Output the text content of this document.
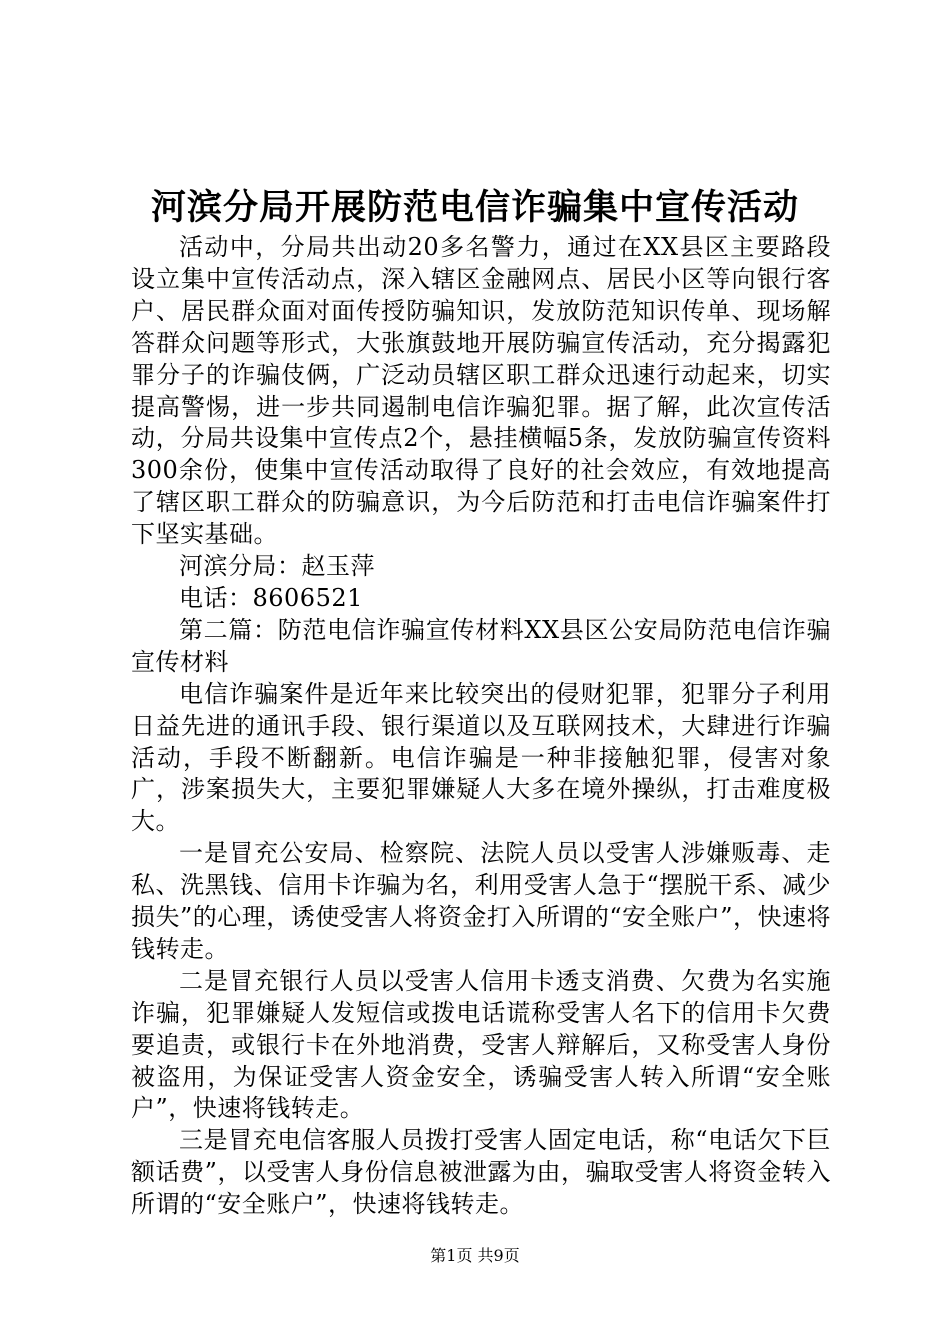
河滨分局开展防范电信诈骗集中宣传活动

活动中，分局共出动20多名警力，通过在XX县区主要路段设立集中宣传活动点，深入辖区金融网点、居民小区等向银行客户、居民群众面对面传授防骗知识，发放防范知识传单、现场解答群众问题等形式，大张旗鼓地开展防骗宣传活动，充分揭露犯罪分子的诈骗伎俩，广泛动员辖区职工群众迅速行动起来，切实提高警惕，进一步共同遏制电信诈骗犯罪。据了解，此次宣传活动，分局共设集中宣传点2个，悬挂横幅5条，发放防骗宣传资料300余份，使集中宣传活动取得了良好的社会效应，有效地提高了辖区职工群众的防骗意识，为今后防范和打击电信诈骗案件打下坚实基础。

河滨分局：赵玉萍

电话：8606521

第二篇：防范电信诈骗宣传材料XX县区公安局防范电信诈骗宣传材料

电信诈骗案件是近年来比较突出的侵财犯罪，犯罪分子利用日益先进的通讯手段、银行渠道以及互联网技术，大肆进行诈骗活动，手段不断翻新。电信诈骗是一种非接触犯罪，侵害对象广，涉案损失大，主要犯罪嫌疑人大多在境外操纵，打击难度极大。

一是冒充公安局、检察院、法院人员以受害人涉嫌贩毒、走私、洗黑钱、信用卡诈骗为名，利用受害人急于“摆脱干系、减少损失”的心理，诱使受害人将资金打入所谓的“安全账户”，快速将钱转走。

二是冒充银行人员以受害人信用卡透支消费、欠费为名实施诈骗，犯罪嫌疑人发短信或拨电话谎称受害人名下的信用卡欠费要追责，或银行卡在外地消费，受害人辩解后，又称受害人身份被盗用，为保证受害人资金安全，诱骗受害人转入所谓“安全账户”，快速将钱转走。

三是冒充电信客服人员拨打受害人固定电话，称“电话欠下巨额话费”，以受害人身份信息被泄露为由，骗取受害人将资金转入所谓的“安全账户”，快速将钱转走。

第1页 共9页
